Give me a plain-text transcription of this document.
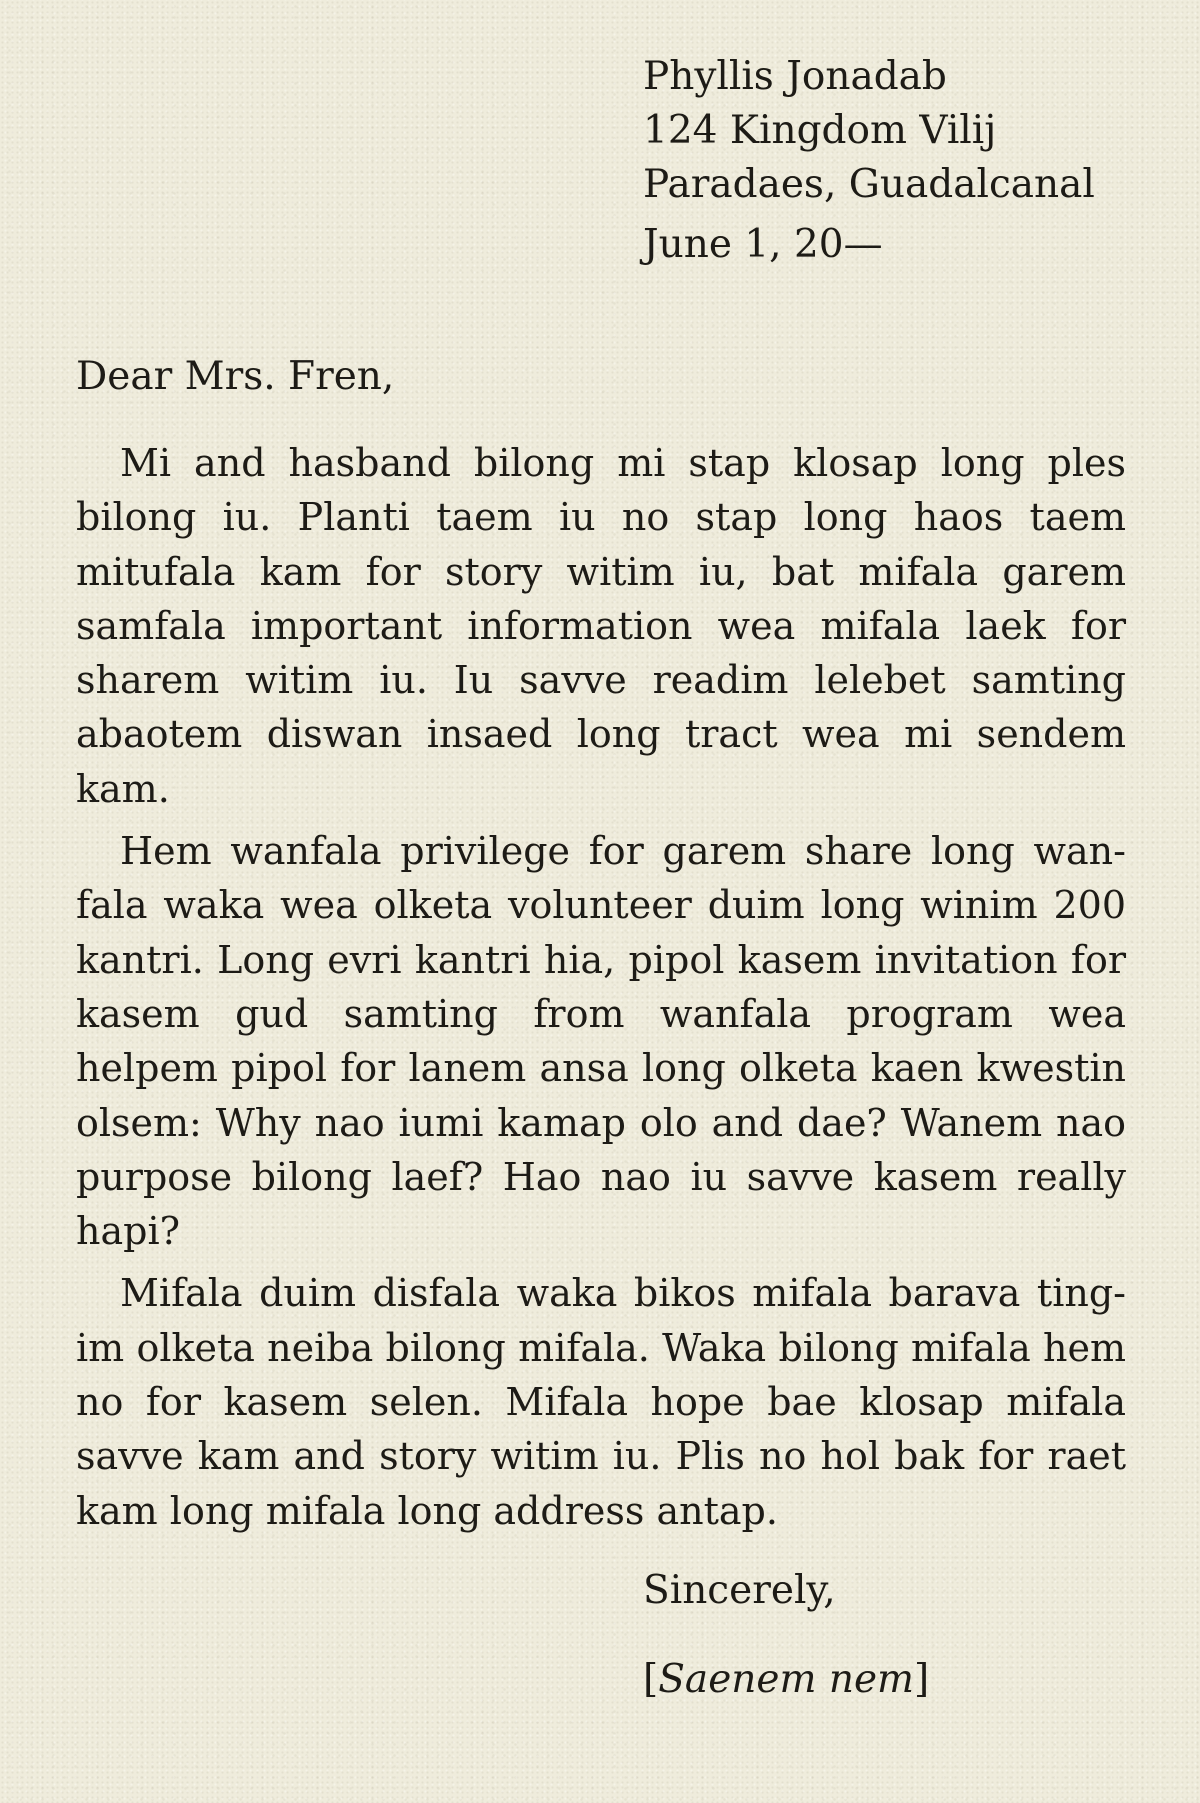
Phyllis Jonadab
124 Kingdom Vilij
Paradaes, Guadalcanal
June 1, 20—
Dear Mrs. Fren,

Mi and hasband bilong mi stap klosap long ples bilong iu. Planti taem iu no stap long haos taem mitufala kam for story witim iu, bat mifala garem samfala important information wea mifala laek for sharem witim iu. Iu savve readim lelebet samting abaotem diswan insaed long tract wea mi sendem kam.

Hem wanfala privilege for garem share long wanfala waka wea olketa volunteer duim long winim 200 kantri. Long evri kantri hia, pipol kasem invitation for kasem gud samting from wanfala program wea helpem pipol for lanem ansa long olketa kaen kwestin olsem: Why nao iumi kamap olo and dae? Wanem nao purpose bilong laef? Hao nao iu savve kasem really hapi?

Mifala duim disfala waka bikos mifala barava tingim olketa neiba bilong mifala. Waka bilong mifala hem no for kasem selen. Mifala hope bae klosap mifala savve kam and story witim iu. Plis no hol bak for raet kam long mifala long address antap.

Sincerely,
[Saenem nem]
